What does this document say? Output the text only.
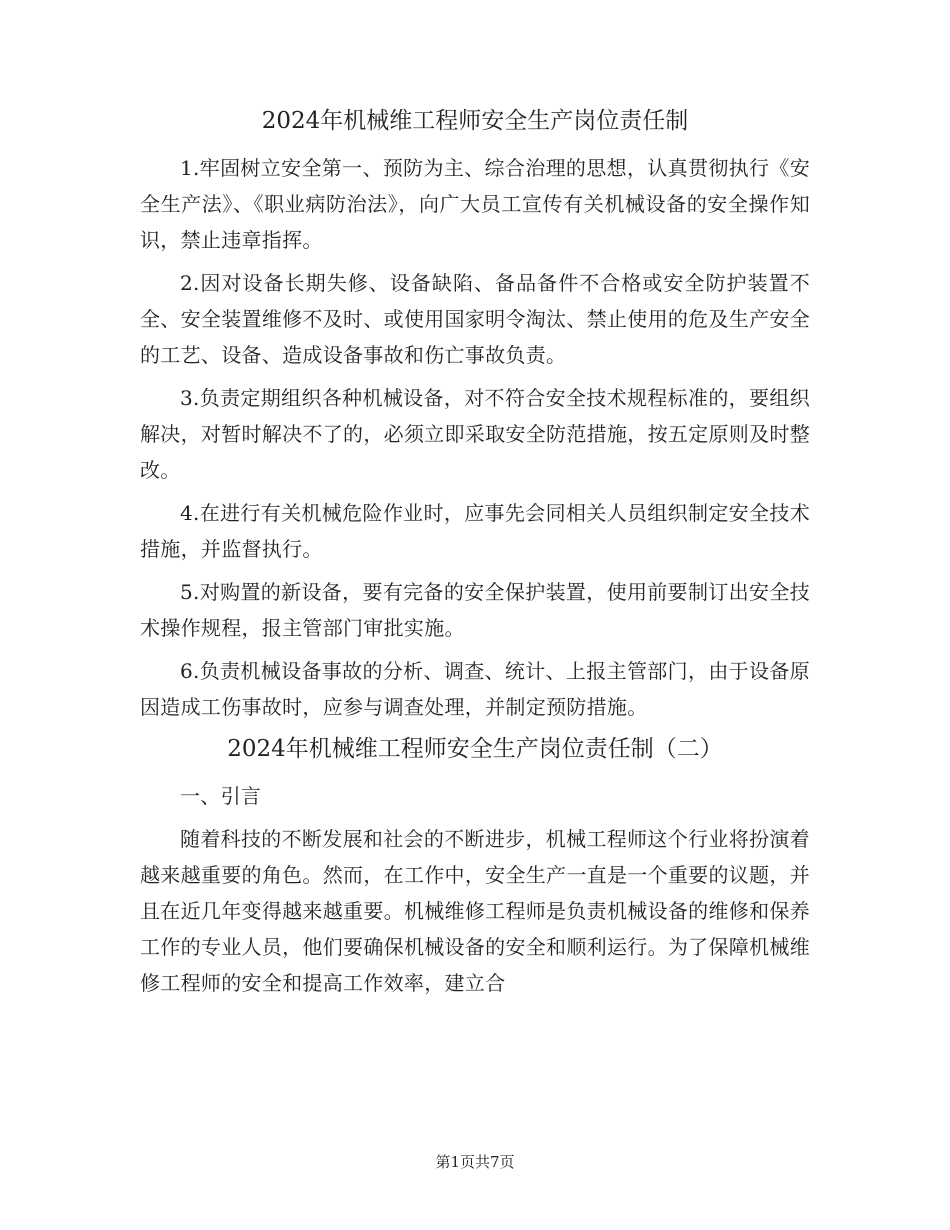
2024年机械维工程师安全生产岗位责任制

1.牢固树立安全第一、预防为主、综合治理的思想，认真贯彻执行《安全生产法》、《职业病防治法》，向广大员工宣传有关机械设备的安全操作知识，禁止违章指挥。

2.因对设备长期失修、设备缺陷、备品备件不合格或安全防护装置不全、安全装置维修不及时、或使用国家明令淘汰、禁止使用的危及生产安全的工艺、设备、造成设备事故和伤亡事故负责。

3.负责定期组织各种机械设备，对不符合安全技术规程标准的，要组织解决，对暂时解决不了的，必须立即采取安全防范措施，按五定原则及时整改。

4.在进行有关机械危险作业时，应事先会同相关人员组织制定安全技术措施，并监督执行。

5.对购置的新设备，要有完备的安全保护装置，使用前要制订出安全技术操作规程，报主管部门审批实施。

6.负责机械设备事故的分析、调查、统计、上报主管部门，由于设备原因造成工伤事故时，应参与调查处理，并制定预防措施。

2024年机械维工程师安全生产岗位责任制（二）

一、引言

随着科技的不断发展和社会的不断进步，机械工程师这个行业将扮演着越来越重要的角色。然而，在工作中，安全生产一直是一个重要的议题，并且在近几年变得越来越重要。机械维修工程师是负责机械设备的维修和保养工作的专业人员，他们要确保机械设备的安全和顺利运行。为了保障机械维修工程师的安全和提高工作效率，建立合

第1页共7页
